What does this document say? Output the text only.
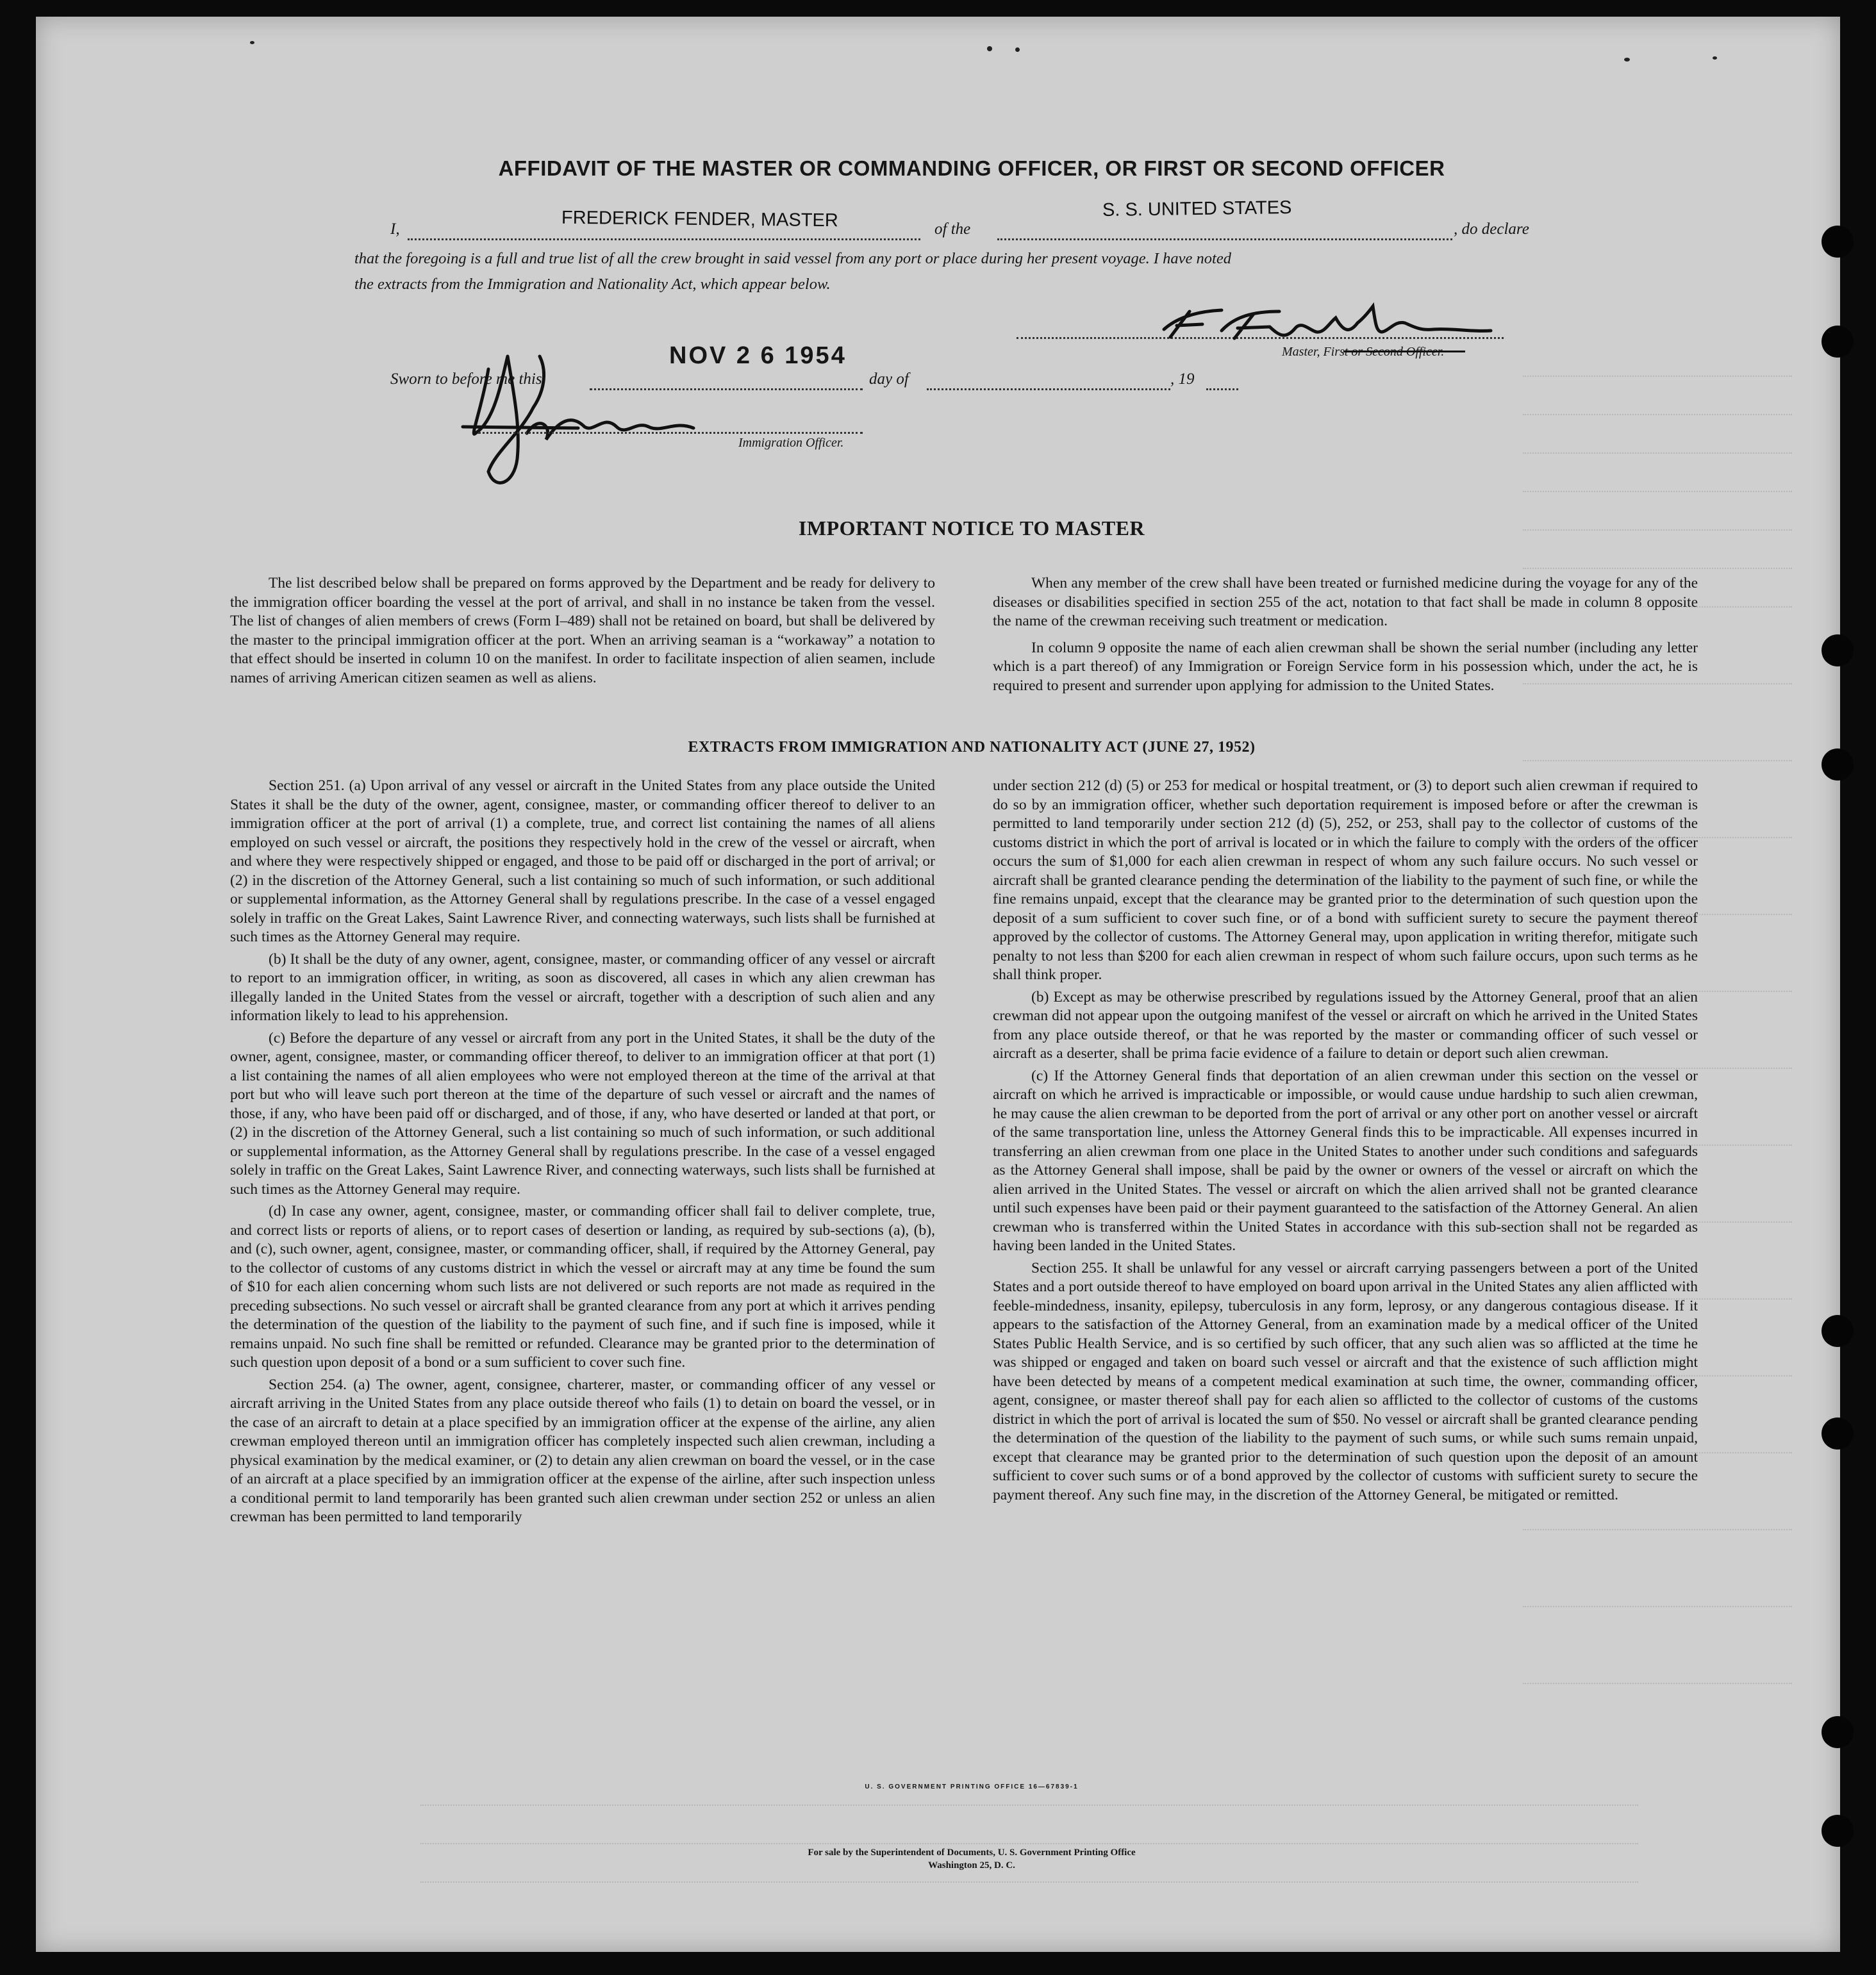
AFFIDAVIT OF THE MASTER OR COMMANDING OFFICER, OR FIRST OR SECOND OFFICER
I,	FREDERICK FENDER, MASTER	of the
S. S. UNITED STATES
, do declare
that the foregoing is a full and true list of all the crew brought in said vessel from any port or place during her present voyage. I have noted
the extracts from the Immigration and Nationality Act, which appear below.
Master, First or Second Officer.
Sworn to before me this
NOV 2 6 1954
day of	, 19
Immigration Officer.
IMPORTANT NOTICE TO MASTER

The list described below shall be prepared on forms approved by the Department and be ready for delivery to the immigration officer boarding the vessel at the port of arrival, and shall in no instance be taken from the vessel. The list of changes of alien members of crews (Form I–489) shall not be retained on board, but shall be delivered by the master to the principal immigration officer at the port. When an arriving seaman is a “workaway” a notation to that effect should be inserted in column 10 on the manifest. In order to facilitate inspection of alien seamen, include names of arriving American citizen seamen as well as aliens.

When any member of the crew shall have been treated or furnished medicine during the voyage for any of the diseases or disabilities specified in section 255 of the act, notation to that fact shall be made in column 8 opposite the name of the crewman receiving such treatment or medication.

In column 9 opposite the name of each alien crewman shall be shown the serial number (including any letter which is a part thereof) of any Immigration or Foreign Service form in his possession which, under the act, he is required to present and surrender upon applying for admission to the United States.

EXTRACTS FROM IMMIGRATION AND NATIONALITY ACT (JUNE 27, 1952)

Section 251. (a) Upon arrival of any vessel or aircraft in the United States from any place outside the United States it shall be the duty of the owner, agent, consignee, master, or commanding officer thereof to deliver to an immigration officer at the port of arrival (1) a complete, true, and correct list containing the names of all aliens employed on such vessel or aircraft, the positions they respectively hold in the crew of the vessel or aircraft, when and where they were respectively shipped or engaged, and those to be paid off or discharged in the port of arrival; or (2) in the discretion of the Attorney General, such a list containing so much of such information, or such additional or supplemental information, as the Attorney General shall by regulations prescribe. In the case of a vessel engaged solely in traffic on the Great Lakes, Saint Lawrence River, and connecting waterways, such lists shall be furnished at such times as the Attorney General may require.

(b) It shall be the duty of any owner, agent, consignee, master, or commanding officer of any vessel or aircraft to report to an immigration officer, in writing, as soon as discovered, all cases in which any alien crewman has illegally landed in the United States from the vessel or aircraft, together with a description of such alien and any information likely to lead to his apprehension.

(c) Before the departure of any vessel or aircraft from any port in the United States, it shall be the duty of the owner, agent, consignee, master, or commanding officer thereof, to deliver to an immigration officer at that port (1) a list containing the names of all alien employees who were not employed thereon at the time of the arrival at that port but who will leave such port thereon at the time of the departure of such vessel or aircraft and the names of those, if any, who have been paid off or discharged, and of those, if any, who have deserted or landed at that port, or (2) in the discretion of the Attorney General, such a list containing so much of such information, or such additional or supplemental information, as the Attorney General shall by regulations prescribe. In the case of a vessel engaged solely in traffic on the Great Lakes, Saint Lawrence River, and connecting waterways, such lists shall be furnished at such times as the Attorney General may require.

(d) In case any owner, agent, consignee, master, or commanding officer shall fail to deliver complete, true, and correct lists or reports of aliens, or to report cases of desertion or landing, as required by sub-sections (a), (b), and (c), such owner, agent, consignee, master, or commanding officer, shall, if required by the Attorney General, pay to the collector of customs of any customs district in which the vessel or aircraft may at any time be found the sum of $10 for each alien concerning whom such lists are not delivered or such reports are not made as required in the preceding subsections. No such vessel or aircraft shall be granted clearance from any port at which it arrives pending the determination of the question of the liability to the payment of such fine, and if such fine is imposed, while it remains unpaid. No such fine shall be remitted or refunded. Clearance may be granted prior to the determination of such question upon deposit of a bond or a sum sufficient to cover such fine.

Section 254. (a) The owner, agent, consignee, charterer, master, or commanding officer of any vessel or aircraft arriving in the United States from any place outside thereof who fails (1) to detain on board the vessel, or in the case of an aircraft to detain at a place specified by an immigration officer at the expense of the airline, any alien crewman employed thereon until an immigration officer has completely inspected such alien crewman, including a physical examination by the medical examiner, or (2) to detain any alien crewman on board the vessel, or in the case of an aircraft at a place specified by an immigration officer at the expense of the airline, after such inspection unless a conditional permit to land temporarily has been granted such alien crewman under section 252 or unless an alien crewman has been permitted to land temporarily

under section 212 (d) (5) or 253 for medical or hospital treatment, or (3) to deport such alien crewman if required to do so by an immigration officer, whether such deportation requirement is imposed before or after the crewman is permitted to land temporarily under section 212 (d) (5), 252, or 253, shall pay to the collector of customs of the customs district in which the port of arrival is located or in which the failure to comply with the orders of the officer occurs the sum of $1,000 for each alien crewman in respect of whom any such failure occurs. No such vessel or aircraft shall be granted clearance pending the determination of the liability to the payment of such fine, or while the fine remains unpaid, except that the clearance may be granted prior to the determination of such question upon the deposit of a sum sufficient to cover such fine, or of a bond with sufficient surety to secure the payment thereof approved by the collector of customs. The Attorney General may, upon application in writing therefor, mitigate such penalty to not less than $200 for each alien crewman in respect of whom such failure occurs, upon such terms as he shall think proper.

(b) Except as may be otherwise prescribed by regulations issued by the Attorney General, proof that an alien crewman did not appear upon the outgoing manifest of the vessel or aircraft on which he arrived in the United States from any place outside thereof, or that he was reported by the master or commanding officer of such vessel or aircraft as a deserter, shall be prima facie evidence of a failure to detain or deport such alien crewman.

(c) If the Attorney General finds that deportation of an alien crewman under this section on the vessel or aircraft on which he arrived is impracticable or impossible, or would cause undue hardship to such alien crewman, he may cause the alien crewman to be deported from the port of arrival or any other port on another vessel or aircraft of the same transportation line, unless the Attorney General finds this to be impracticable. All expenses incurred in transferring an alien crewman from one place in the United States to another under such conditions and safeguards as the Attorney General shall impose, shall be paid by the owner or owners of the vessel or aircraft on which the alien arrived in the United States. The vessel or aircraft on which the alien arrived shall not be granted clearance until such expenses have been paid or their payment guaranteed to the satisfaction of the Attorney General. An alien crewman who is transferred within the United States in accordance with this sub-section shall not be regarded as having been landed in the United States.

Section 255. It shall be unlawful for any vessel or aircraft carrying passengers between a port of the United States and a port outside thereof to have employed on board upon arrival in the United States any alien afflicted with feeble-mindedness, insanity, epilepsy, tuberculosis in any form, leprosy, or any dangerous contagious disease. If it appears to the satisfaction of the Attorney General, from an examination made by a medical officer of the United States Public Health Service, and is so certified by such officer, that any such alien was so afflicted at the time he was shipped or engaged and taken on board such vessel or aircraft and that the existence of such affliction might have been detected by means of a competent medical examination at such time, the owner, commanding officer, agent, consignee, or master thereof shall pay for each alien so afflicted to the collector of customs of the customs district in which the port of arrival is located the sum of $50. No vessel or aircraft shall be granted clearance pending the determination of the question of the liability to the payment of such sums, or while such sums remain unpaid, except that clearance may be granted prior to the determination of such question upon the deposit of an amount sufficient to cover such sums or of a bond approved by the collector of customs with sufficient surety to secure the payment thereof. Any such fine may, in the discretion of the Attorney General, be mitigated or remitted.

U. S. GOVERNMENT PRINTING OFFICE 16—67839-1
For sale by the Superintendent of Documents, U. S. Government Printing Office
Washington 25, D. C.
